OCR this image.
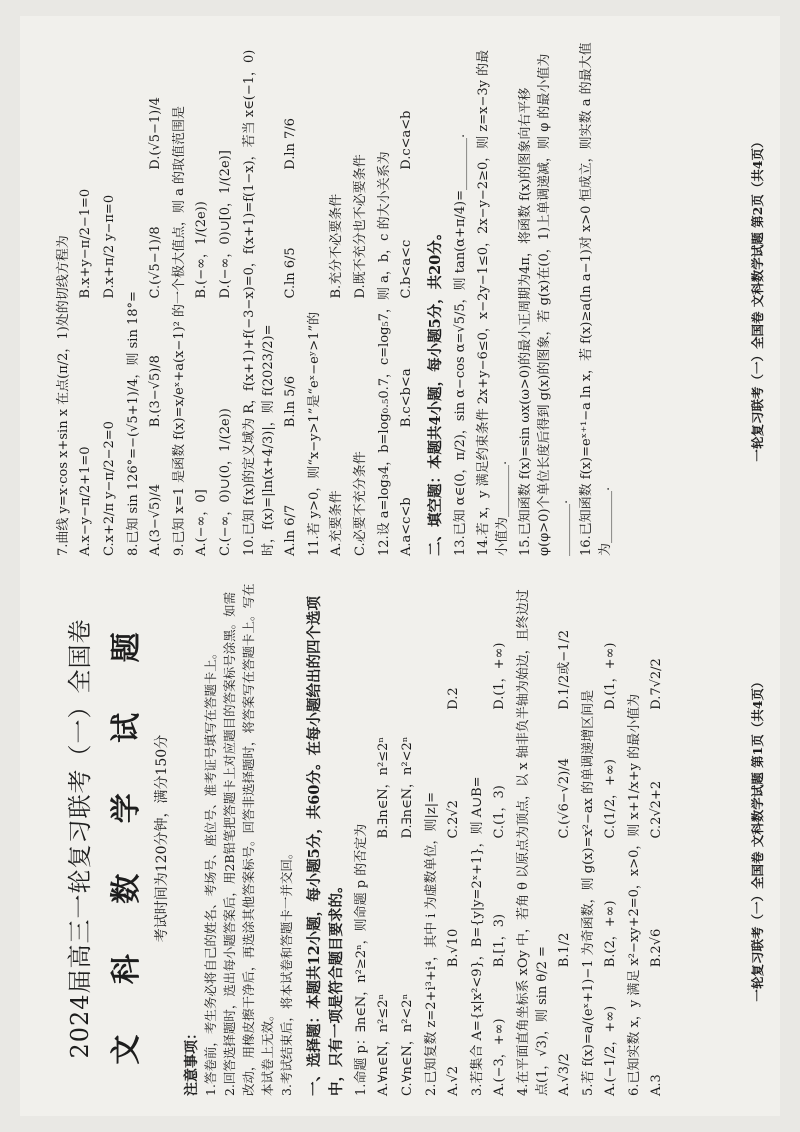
2024届高三一轮复习联考（一）全国卷 文 科 数 学 试 题 考试时间为120分钟，满分150分
注意事项： 1.答卷前，考生务必将自己的姓名、考场号、座位号、准考证号填写在答题卡上。 2.回答选择题时，选出每小题答案后，用2B铅笔把答题卡上对应题目的答案标号涂黑。如需改动，用橡皮擦干净后，再选涂其他答案标号。回答非选择题时，将答案写在答题卡上。写在本试卷上无效。 3.考试结束后，将本试卷和答题卡一并交回。 一、选择题：本题共12小题，每小题5分，共60分。在每小题给出的四个选项中，只有一项是符合题目要求的。 1.命题 p：∃n∈N，n²≥2ⁿ，则命题 p 的否定为 A.∀n∈N，n²≤2ⁿ
B.∃n∈N，n²≤2ⁿ
C.∀n∈N，n²<2ⁿ
D.∃n∈N，n²<2ⁿ
2.已知复数 z=2+i³+i⁴，其中 i 为虚数单位，则|z|= A.√2
B.√10
C.2√2
D.2
3.若集合 A={x|x²<9}，B={y|y=2ˣ+1}，则 A∪B= A.(−3，+∞)
B.[1，3)
C.(1，3)
D.(1，+∞) 4.在平面直角坐标系 xOy 中，若角 θ 以原点为顶点，以 x 轴非负半轴为始边，且终边过点(1，√3)，则 sin θ/2 = A.√3/2
B.1/2
C.(√6−√2)/4
D.1/2或−1/2
5.若 f(x)=a/(eˣ+1)−1 为奇函数，则 g(x)=x²−ax 的单调递增区间是 A.(−1/2，+∞)
B.(2，+∞)
C.(1/2，+∞)
D.(1，+∞)
6.已知实数 x，y 满足 x²−xy+2=0，x>0，则 x+1/x+y 的最小值为 A.3
B.2√6
C.2√2+2
D.7√2/2	一轮复习联考（一）全国卷 文科数学试题 第1页（共4页）
7.曲线 y=x·cos x+sin x 在点(π/2，1)处的切线方程为 A.x−y−π/2+1=0
B.x+y−π/2−1=0
C.x+2/π y−π/2−2=0
D.x+π/2 y−π=0
8.已知 sin 126°=−(√5+1)/4，则 sin 18°= A.(3−√5)/4
B.(3−√5)/8
C.(√5−1)/8
D.(√5−1)/4 9.已知 x=1 是函数 f(x)=x/eˣ+a(x−1)² 的一个极大值点，则 a 的取值范围是 A.(−∞，0]
B.(−∞，1/(2e))
C.(−∞，0)∪(0，1/(2e))
D.(−∞，0)∪[0，1/(2e)] 10.已知 f(x)的定义域为 R，f(x+1)+f(−3−x)=0，f(x+1)=f(1−x)，若当 x∈(−1，0)时，f(x)=|ln(x+4/3)|，则 f(2023/2)= A.ln 6/7
B.ln 5/6
C.ln 6/5
D.ln 7/6
11.若 y>0，则“x−y>1”是“eˣ−eʸ>1”的 A.充要条件
B.充分不必要条件
C.必要不充分条件
D.既不充分也不必要条件 12.设 a=log₃4，b=log₀.₅0.7，c=log₅7，则 a，b，c 的大小关系为 A.a<c<b
B.c<b<a
C.b<a<c
D.c<a<b
二、填空题：本题共4小题，每小题5分，共20分。 13.已知 α∈(0，π/2)，sin α−cos α=√5/5，则 tan(α+π/4)=________. 14.若 x，y 满足约束条件 2x+y−6≤0，x−2y−1≤0，2x−y−2≥0，则 z=x−3y 的最小值为________. 15.已知函数 f(x)=sin ωx(ω>0)的最小正周期为4π，将函数 f(x)的图象向右平移 φ(φ>0)个单位长度后得到 g(x)的图象，若 g(x)在(0，1)上单调递减，则 φ 的最小值为________. 16.已知函数 f(x)=eˣ⁺¹−a ln x，若 f(x)≥a(ln a−1)对 x>0 恒成立，则实数 a 的最大值为________.
一轮复习联考（一）全国卷 文科数学试题 第2页（共4页）
